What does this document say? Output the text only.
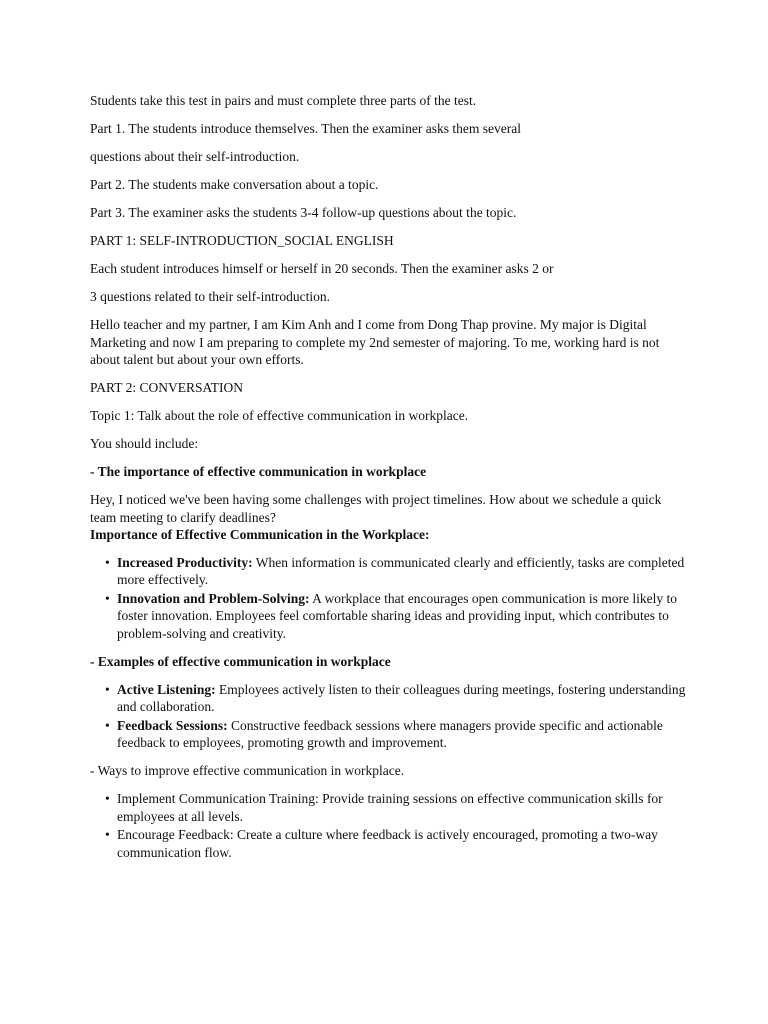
Students take this test in pairs and must complete three parts of the test.

Part 1. The students introduce themselves. Then the examiner asks them several

questions about their self-introduction.

Part 2. The students make conversation about a topic.

Part 3. The examiner asks the students 3-4 follow-up questions about the topic.

PART 1: SELF-INTRODUCTION_SOCIAL ENGLISH

Each student introduces himself or herself in 20 seconds. Then the examiner asks 2 or

3 questions related to their self-introduction.

Hello teacher and my partner, I am Kim Anh and I come from Dong Thap provine. My major is Digital Marketing and now I am preparing to complete my 2nd semester of majoring. To me, working hard is not about talent but about your own efforts.

PART 2: CONVERSATION

Topic 1: Talk about the role of effective communication in workplace.

You should include:

- The importance of effective communication in workplace

Hey, I noticed we've been having some challenges with project timelines. How about we schedule a quick team meeting to clarify deadlines?

Importance of Effective Communication in the Workplace:

• Increased Productivity: When information is communicated clearly and efficiently, tasks are completed more effectively.
• Innovation and Problem-Solving: A workplace that encourages open communication is more likely to foster innovation. Employees feel comfortable sharing ideas and providing input, which contributes to problem-solving and creativity.

- Examples of effective communication in workplace

• Active Listening: Employees actively listen to their colleagues during meetings, fostering understanding and collaboration.
• Feedback Sessions: Constructive feedback sessions where managers provide specific and actionable feedback to employees, promoting growth and improvement.

- Ways to improve effective communication in workplace.

• Implement Communication Training: Provide training sessions on effective communication skills for employees at all levels.
• Encourage Feedback: Create a culture where feedback is actively encouraged, promoting a two-way communication flow.
